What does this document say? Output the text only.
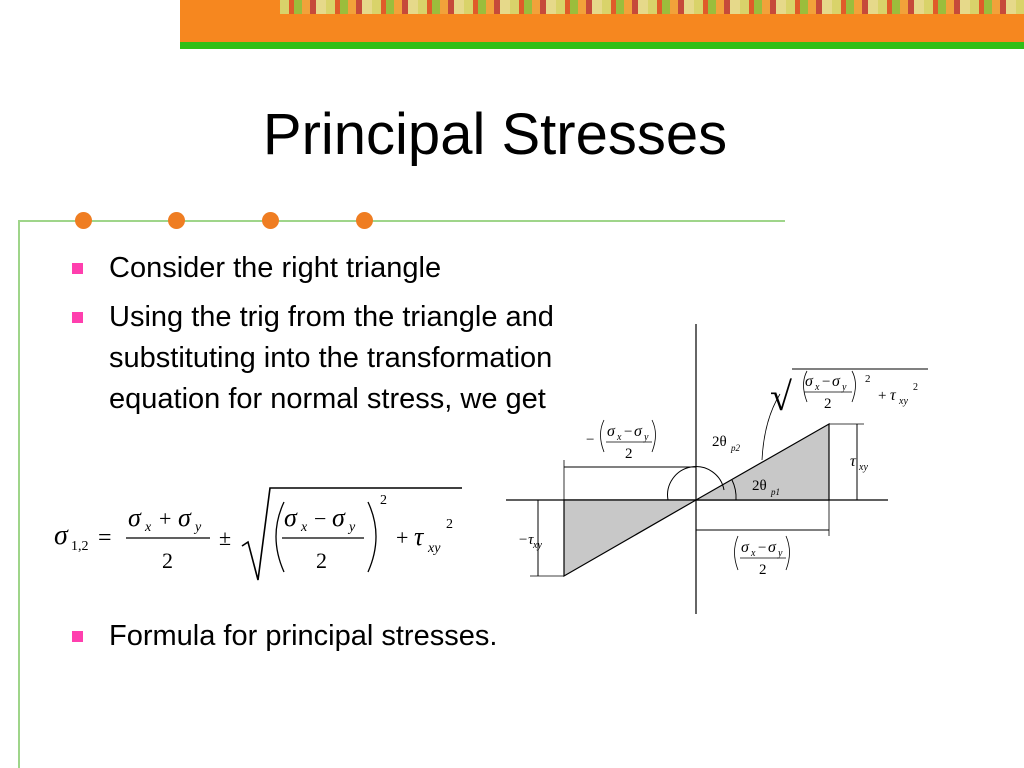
Principal Stresses
Consider the right triangle
Using the trig from the triangle and substituting into the transformation equation for normal stress, we get
Formula for principal stresses.
σ 1,2 =
σ x + σ y
2
±
2
σ x − σ y
2
+ τ xy
2
√ σ x − σ y
2
2
+ τ xy
2
− σ x − σ y
2
σ x − σ y
2
τ xy
−τ xy
2θ p2
2θ p1
